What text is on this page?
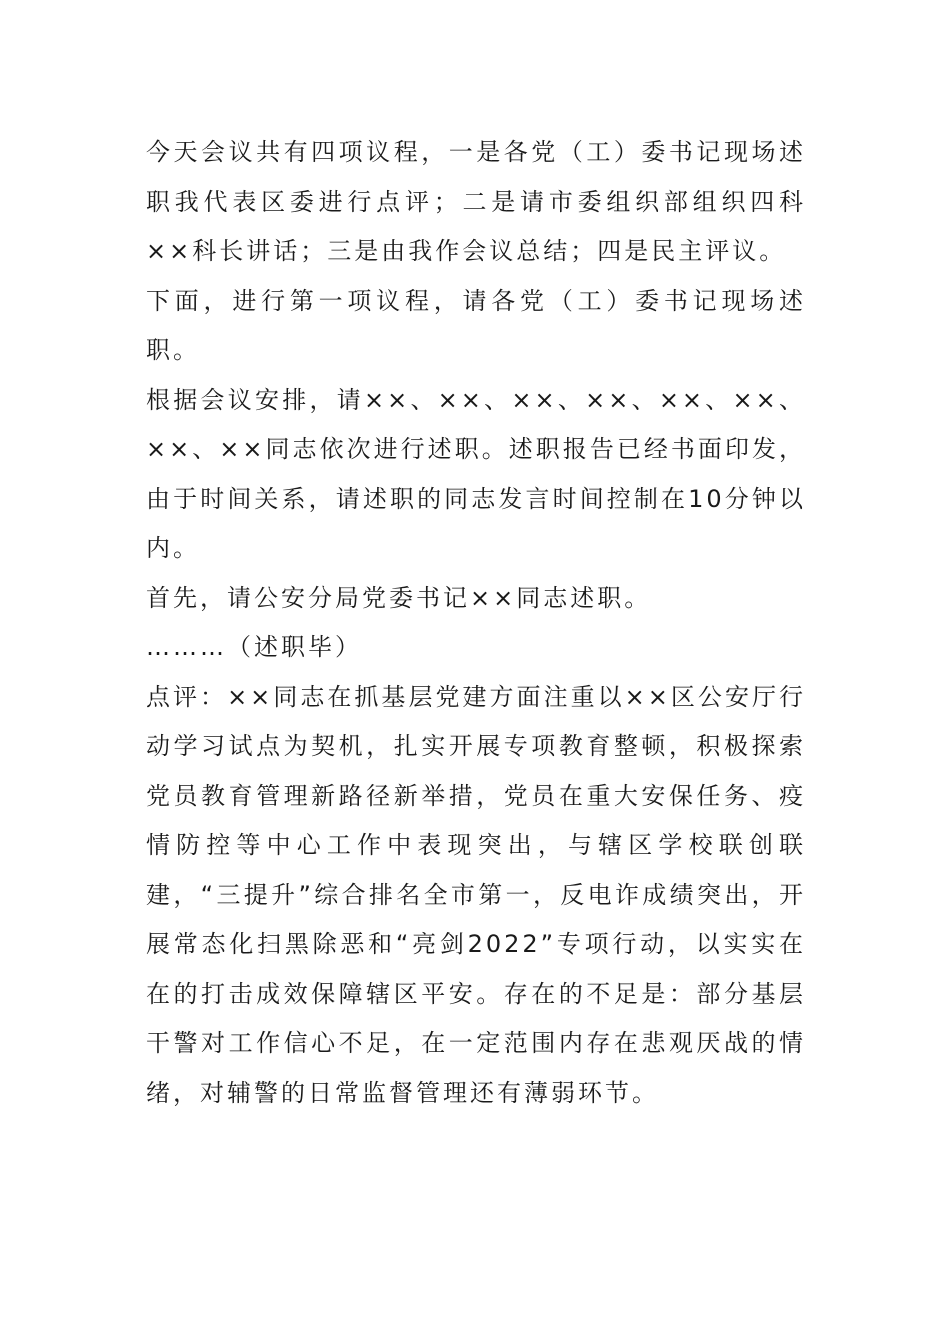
今天会议共有四项议程，一是各党（工）委书记现场述职我代表区委进行点评；二是请市委组织部组织四科××科长讲话；三是由我作会议总结；四是民主评议。

下面，进行第一项议程，请各党（工）委书记现场述职。

根据会议安排，请××、××、××、××、××、××、××、××同志依次进行述职。述职报告已经书面印发，由于时间关系，请述职的同志发言时间控制在10分钟以内。

首先，请公安分局党委书记××同志述职。

………（述职毕）

点评：××同志在抓基层党建方面注重以××区公安厅行动学习试点为契机，扎实开展专项教育整顿，积极探索党员教育管理新路径新举措，党员在重大安保任务、疫情防控等中心工作中表现突出，与辖区学校联创联建，“三提升”综合排名全市第一，反电诈成绩突出，开展常态化扫黑除恶和“亮剑2022”专项行动，以实实在在的打击成效保障辖区平安。存在的不足是：部分基层干警对工作信心不足，在一定范围内存在悲观厌战的情绪，对辅警的日常监督管理还有薄弱环节。
